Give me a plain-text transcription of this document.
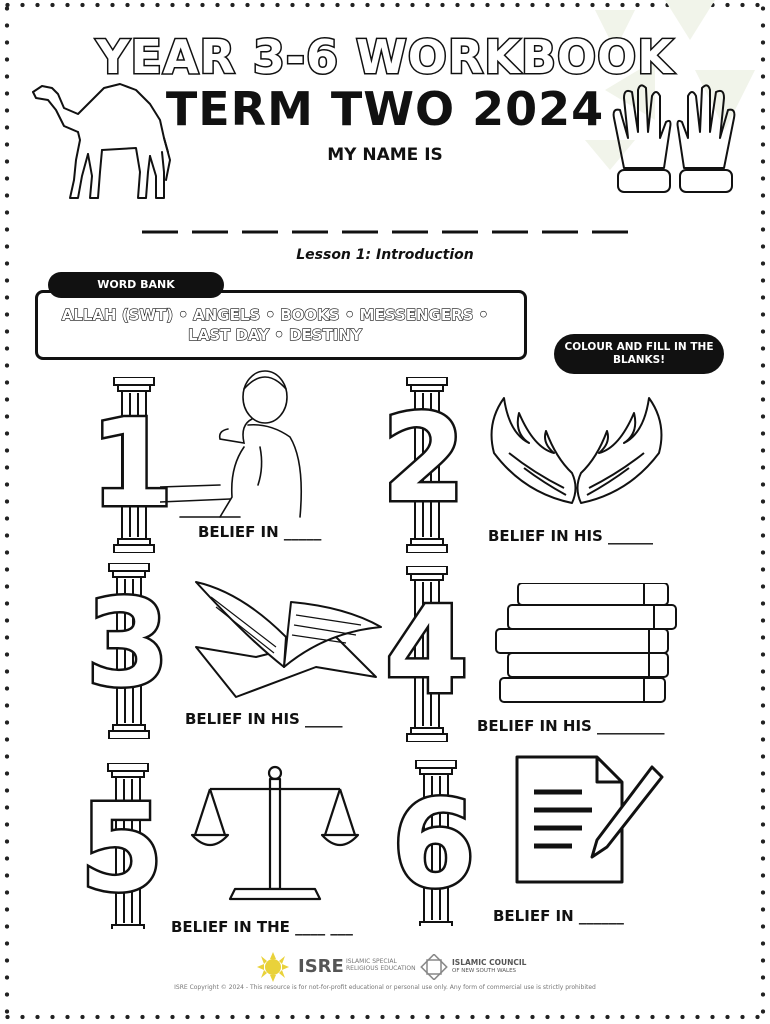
YEAR 3-6 WORKBOOK
TERM TWO 2024
MY NAME IS
Lesson 1: Introduction
WORD BANK
ALLAH (SWT) • ANGELS • BOOKS • MESSENGERS •
LAST DAY • DESTINY
COLOUR AND FILL IN THE BLANKS!
1 2
3 4
5 6
BELIEF IN _____	BELIEF IN HIS ______
BELIEF IN HIS _____	BELIEF IN HIS _________
BELIEF IN THE ____ ___
BELIEF IN ______
ISRE ISLAMIC SPECIAL RELIGIOUS EDUCATION
ISLAMIC COUNCIL
OF NEW SOUTH WALES
ISRE Copyright © 2024 - This resource is for not-for-profit educational or personal use only. Any form of commercial use is strictly prohibited
